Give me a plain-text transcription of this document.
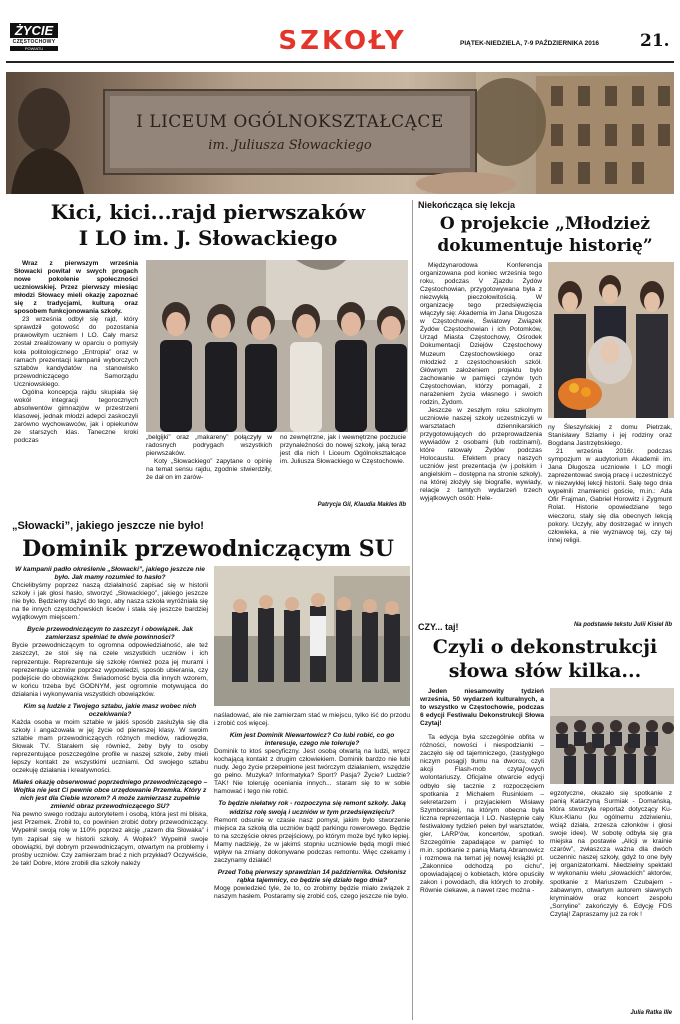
ŻYCIE
CZĘSTOCHOWY
POWIATU	SZKOŁY	PIĄTEK-NIEDZIELA, 7-9 PAŹDZIERNIKA 2016	21.
I LICEUM OGÓLNOKSZTAŁCĄCE
im. Juliusza Słowackiego
Kici, kici...rajd pierwszaków
I LO im. J. Słowackiego

Wraz z pierwszym września Słowacki powitał w swych progach nowe pokolenie społeczności uczniowskiej. Przez pierwszy miesiąc młodzi Słowacy mieli okazję zapoznać się z tradycjami, kulturą oraz sposobem funkcjonowania szkoły.

23 września odbył się rajd, który sprawdził gotowość do pozostania prawowitym uczniem I LO. Cały marsz został zrealizowany w oparciu o pomysły koła politologicznego „Entropia” oraz w ramach prezentacji kampanii wyborczych sztabów kandydatów na stanowisko przewodniczącego Samorządu Uczniowskiego.

Ogólna koncepcja rajdu skupiała się wokół integracji tegorocznych absolwentów gimnazjów w przestrzeni klasowej, jednak młodzi adepci zaskoczyli zarówno wychowawców, jak i opiekunów ze starszych klas. Taneczne kroki podczas	„belgijki” oraz „makareny” połączyły w radosnych podrygach wszystkich pierwszaków.

Koty „Słowackiego” zapytane o opinię na temat sensu rajdu, zgodnie stwierdziły, że dał on im zarów-

no zewnętrzne, jak i wewnętrzne poczucie przynależności do nowej szkoły, jaką teraz jest dla nich I Liceum Ogólnokształcące im. Juliusza Słowackiego w Częstochowie.

Patrycja Gil, Klaudia Makles IIb
„Słowacki”, jakiego jeszcze nie było!
Dominik przewodniczącym SU

W kampanii padło określenie „Słowacki”, jakiego jeszcze nie było. Jak mamy rozumieć to hasło?

Chcielibyśmy poprzez naszą działalność zapisać się w historii szkoły i jak głosi hasło, stworzyć „Słowackiego”, jakiego jeszcze nie było. Będziemy dążyć do tego, aby nasza szkoła wyróżniała się na tle innych częstochowskich liceów i stała się jeszcze bardziej wyjątkowym miejscem.’

Bycie przewodniczącym to zaszczyt i obowiązek. Jak zamierzasz spełniać te dwie powinności?

Bycie przewodniczącym to ogromna odpowiedzialność, ale też zaszczyt, ze stoi się na czele wszystkich uczniów i ich reprezentuje. Reprezentuje się szkołę również poza jej murami i reprezentuje uczniów poprzez wypowiedzi, sposób ubierania, czy podejście do obowiązków. Świadomość bycia dla innych wzorem, w końcu trzeba być GODNYM, jest ogromnie motywująca do działania i wykonywania wszystkich obowiązków.

Kim są ludzie z Twojego sztabu, jakie masz wobec nich oczekiwania?

Każda osoba w moim sztabie w jakiś sposób zasłużyła się dla szkoły i angażowała w jej życie od pierwszej klasy. W swoim sztabie mam przewodniczących różnych mediów, radiowęzła, Słowak TV. Starałem się również, żeby były to osoby reprezentujące poszczególne profile w naszej szkole, żeby mieli lepszy kontakt ze wszystkimi uczniami. Od swojego sztabu oczekuję działania i kreatywności.

Miałeś okazję obserwować poprzedniego przewodniczącego – Wojtka nie jest Ci pewnie obce urzędowanie Przemka. Który z nich jest dla Ciebie wzorem? A może zamierzasz zupełnie zmienić obraz przewodniczącego SU?

Na pewno swego rodzaju autorytetem i osobą, która jest mi bliska, jest Przemek. Zrobił to, co powinien zrobić dobry przewodniczący. Wypełnił swoją rolę w 110% poprzez akcję „razem dla Słowaka” i tym zapisał się w historii szkoły. A Wojtek? Wypełnił swoje obowiązki, był dobrym przewodniczącym, otwartym na problemy i prośby uczniów. Czy zamierzam brać z nich przykład? Oczywiście, że tak! Dobre, które zrobili dla szkoły należy

naśladować, ale nie zamierzam stać w miejscu, tylko iść do przodu i zrobić coś więcej.

Kim jest Dominik Niewartowicz? Co lubi robić, co go interesuje, czego nie toleruje?

Dominik to ktoś specyficzny. Jest osobą otwartą na ludzi, wręcz kochającą kontakt z drugim człowiekiem. Dominik bardzo nie lubi nudy. Jego życie przepełnione jest twórczym działaniem, wszędzie go pełno. Muzyka? Informatyka? Sport? Pasja? Życie? Ludzie? TAK! Nie toleruję oceniania innych... staram się to w sobie hamować i tego nie robić.

To będzie niełatwy rok - rozpoczyna się remont szkoły. Jaką widzisz rolę swoją i uczniów w tym przedsięwzięciu?

Remont odsunie w czasie nasz pomysł, jakim było stworzenie miejsca za szkołą dla uczniów bądź parkingu rowerowego. Będzie to na szczęście okres przejściowy, po którym może być tylko lepiej. Mamy nadzieję, że w jakimś stopniu uczniowie będą mogli mieć wpływ na zmiany dokonywane podczas remontu. Więc czekamy i zaczynamy działać!

Przed Tobą pierwszy sprawdzian 14 października. Odsłonisz rąbka tajemnicy, co będzie się działo tego dnia?

Mogę powiedzieć tyle, że to, co zrobimy będzie miało związek z naszym hasłem. Postaramy się zrobić coś, czego jeszcze nie było.

Niekończąca się lekcja
O projekcie „Młodzież
dokumentuje historię”

Międzynarodowa Konferencja organizowana pod koniec września tego roku, podczas V Zjazdu Żydów Częstochowian, przygotowywana była z niezwykłą pieczołowitością. W organizację tego przedsięwzięcia włączyły się: Akademia im Jana Długosza w Częstochowie, Światowy Związek Żydów Częstochowian i ich Potomków, Urząd Miasta Częstochowy, Ośrodek Dokumentacji Dziejów Częstochowy Muzeum Częstochowskiego oraz młodzież z częstochowskich szkół. Głównym założeniem projektu było zachowanie w pamięci czynów tych Częstochowian, którzy pomagali, z narażeniem życia własnego i swoich rodzin, Żydom.

Jeszcze w zeszłym roku szkolnym uczniowie naszej szkoły uczestniczyli w warsztatach dziennikarskich przygotowujących do przeprowadzenia wywiadów z osobami (lub rodzinami), które ratowały Żydów podczas Holocaustu. Efektem pracy naszych uczniów jest prezentacja (w j.polskim i angielskim – dostępna na stronie szkoły), na której złożyły się biografie, wywiady, relacje z tamtych wydarzeń trzech wyjątkowych osób: Hele-

ny Śleszyńskiej z domu Pietrzak, Stanisławy Szlamy i jej rodziny oraz Bogdana Jastrzębskiego.

21 września 2016r. podczas sympozjum w audytorium Akademii im. Jana Długosza uczniowie I LO mogli zaprezentować swoją pracę i uczestniczyć w niezwykłej lekcji historii. Salę tego dnia wypełnili znamienici goście, m.in.: Ada Ofir Frajman, Gabriel Horowitz i Zygmunt Rolat. Historie opowiedziane tego wieczoru, stały się dla obecnych lekcją pokory. Uczyły, aby dostrzegać w innych człowieka, a nie wyznawcę tej, czy tej innej religii.

Na podstawie tekstu Julii Kisiel IIb
CZY... taj!
Czyli o dekonstrukcji
słowa słów kilka...

Jeden niesamowity tydzień września, 50 wydarzeń kulturalnych, a to wszystko w Częstochowie, podczas 6 edycji Festiwalu Dekonstrukcji Słowa Czytaj!

Ta edycja była szczególnie obfita w różności, nowości i niespodzianki – zaczęło się od tajemniczego, (zastygłego niczym posągi) tłumu na dworcu, czyli akcji Flash-mob czytaj'owych wolontariuszy. Oficjalne otwarcie edycji odbyło się tacznie z rozpoczęciem spotkania z Michałem Rusinkiem – sekretarzem i przyjacielem Wisławy Szymborskiej, na którym obecna była liczna reprezentacja I LO. Następnie cały festiwalowy tydzień pełen był warsztatów, gier, LARP'ów, koncertów, spotkań. Szczególnie zapadające w pamięć to m.in. spotkanie z panią Martą Abramowicz i rozmowa na temat jej nowej książki pt. „Zakonnice odchodzą po cichu”, opowiadającej o kobietach, które opuściły zakon i powodach, dla których to zrobiły. Równie ciekawe, a nawet rzec można -

egzotyczne, okazało się spotkanie z panią Katarzyną Surmiak - Domańską, która stworzyła reportaż dotyczący Ku-Klux-Klanu (ku ogólnemu zdziwieniu, wciąż działa, zrzesza członków i głosi swoje idee). W sobotę odbyła się gra miejska na postawie „Alicji w krainie czarów”, zwłaszcza ważna dla dwóch uczennic naszej szkoły, gdyż to one były jej organizatorkami. Niedzielny spektakl w wykonaniu wielu „słowackich” aktorów, spotkanie z Mariuszem Czubajem - zabawnym, otwartym autorem sławnych kryminałów oraz koncert zespołu „Sorryline” zakończyły 6. Edycję FDS Czytaj! Zapraszamy już za rok !

Julia Ratka IIIe
